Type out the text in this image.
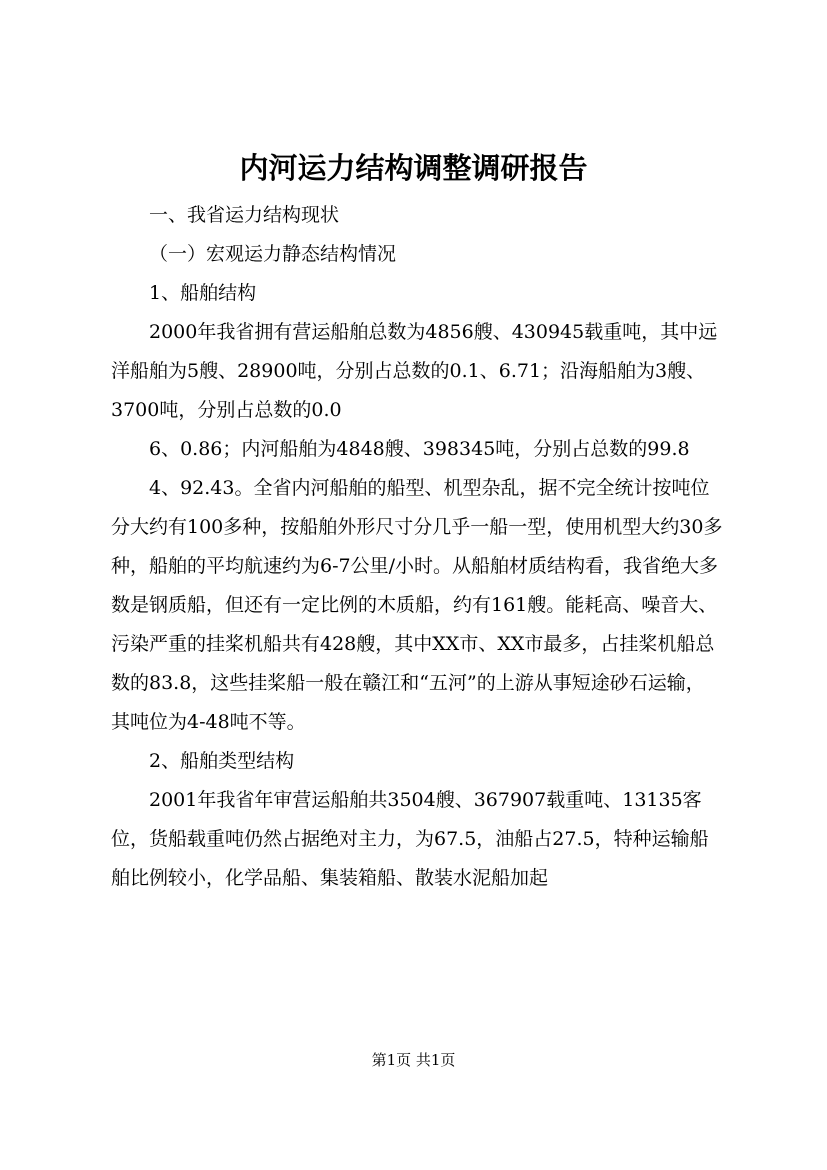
内河运力结构调整调研报告

一、我省运力结构现状

（一）宏观运力静态结构情况

1、船舶结构

2000年我省拥有营运船舶总数为4856艘、430945载重吨，其中远洋船舶为5艘、28900吨，分别占总数的0.1、6.71；沿海船舶为3艘、3700吨，分别占总数的0.0

6、0.86；内河船舶为4848艘、398345吨，分别占总数的99.8

4、92.43。全省内河船舶的船型、机型杂乱，据不完全统计按吨位分大约有100多种，按船舶外形尺寸分几乎一船一型，使用机型大约30多种，船舶的平均航速约为6-7公里/小时。从船舶材质结构看，我省绝大多数是钢质船，但还有一定比例的木质船，约有161艘。能耗高、噪音大、污染严重的挂桨机船共有428艘，其中XX市、XX市最多，占挂桨机船总数的83.8，这些挂桨船一般在赣江和“五河”的上游从事短途砂石运输，其吨位为4-48吨不等。

2、船舶类型结构

2001年我省年审营运船舶共3504艘、367907载重吨、13135客位，货船载重吨仍然占据绝对主力，为67.5，油船占27.5，特种运输船舶比例较小，化学品船、集装箱船、散装水泥船加起

第1页 共1页
